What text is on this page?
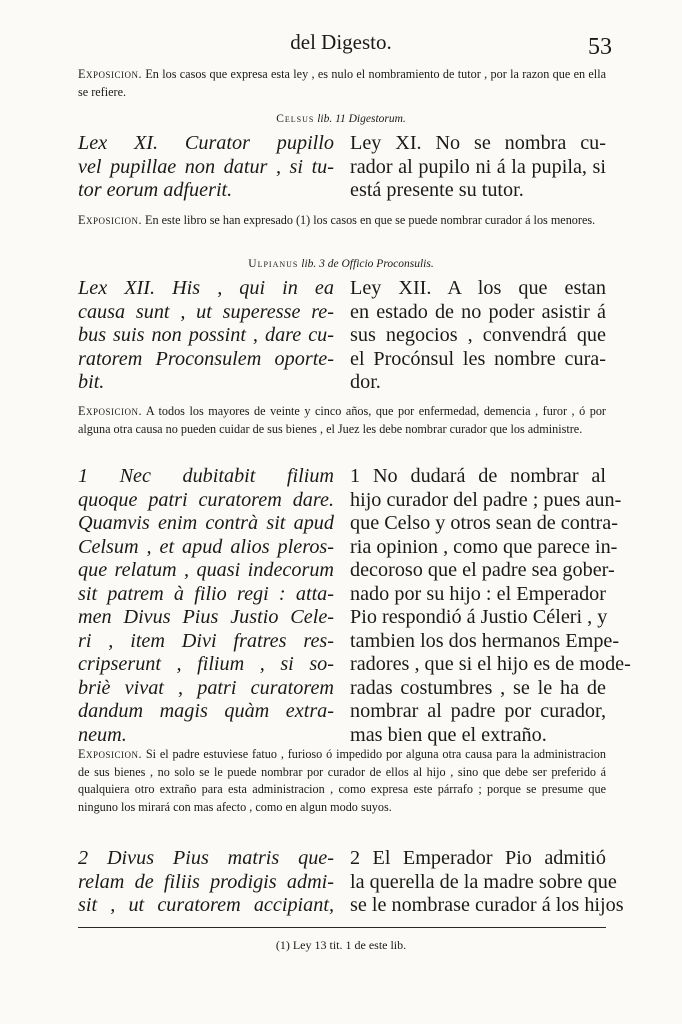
del Digesto.	53
Exposicion. En los casos que expresa esta ley , es nulo el nombramiento de tutor , por la razon que en ella se refiere.
Celsus lib. 11 Digestorum.
Lex XI. Curator pupillo
vel pupillae non datur , si tu-
tor eorum adfuerit.
Ley XI. No se nombra cu-
rador al pupilo ni á la pupila, si
está presente su tutor.
Exposicion. En este libro se han expresado (1) los casos en que se puede nombrar curador á los menores.
Ulpianus lib. 3 de Officio Proconsulis.
Lex XII. His , qui in ea
causa sunt , ut superesse re-
bus suis non possint , dare cu-
ratorem Proconsulem oporte-
bit.
Ley XII. A los que estan
en estado de no poder asistir á
sus negocios , convendrá que
el Procónsul les nombre cura-
dor.
Exposicion. A todos los mayores de veinte y cinco años, que por enfermedad, demencia , furor , ó por alguna otra causa no pueden cuidar de sus bienes , el Juez les debe nombrar curador que los administre.
1 Nec dubitabit filium
quoque patri curatorem dare.
Quamvis enim contrà sit apud
Celsum , et apud alios pleros-
que relatum , quasi indecorum
sit patrem à filio regi : atta-
men Divus Pius Justio Cele-
ri , item Divi fratres res-
cripserunt , filium , si so-
briè vivat , patri curatorem
dandum magis quàm extra-
neum.
1 No dudará de nombrar al
hijo curador del padre ; pues aun-
que Celso y otros sean de contra-
ria opinion , como que parece in-
decoroso que el padre sea gober-
nado por su hijo : el Emperador
Pio respondió á Justio Céleri , y
tambien los dos hermanos Empe-
radores , que si el hijo es de mode-
radas costumbres , se le ha de
nombrar al padre por curador,
mas bien que el extraño.
Exposicion. Si el padre estuviese fatuo , furioso ó impedido por alguna otra causa para la administracion de sus bienes , no solo se le puede nombrar por curador de ellos al hijo , sino que debe ser preferido á qualquiera otro extraño para esta administracion , como expresa este párrafo ; porque se presume que ninguno los mirará con mas afecto , como en algun modo suyos.
2 Divus Pius matris que-
relam de filiis prodigis admi-
sit , ut curatorem accipiant,
2 El Emperador Pio admitió
la querella de la madre sobre que
se le nombrase curador á los hijos
(1) Ley 13 tit. 1 de este lib.
